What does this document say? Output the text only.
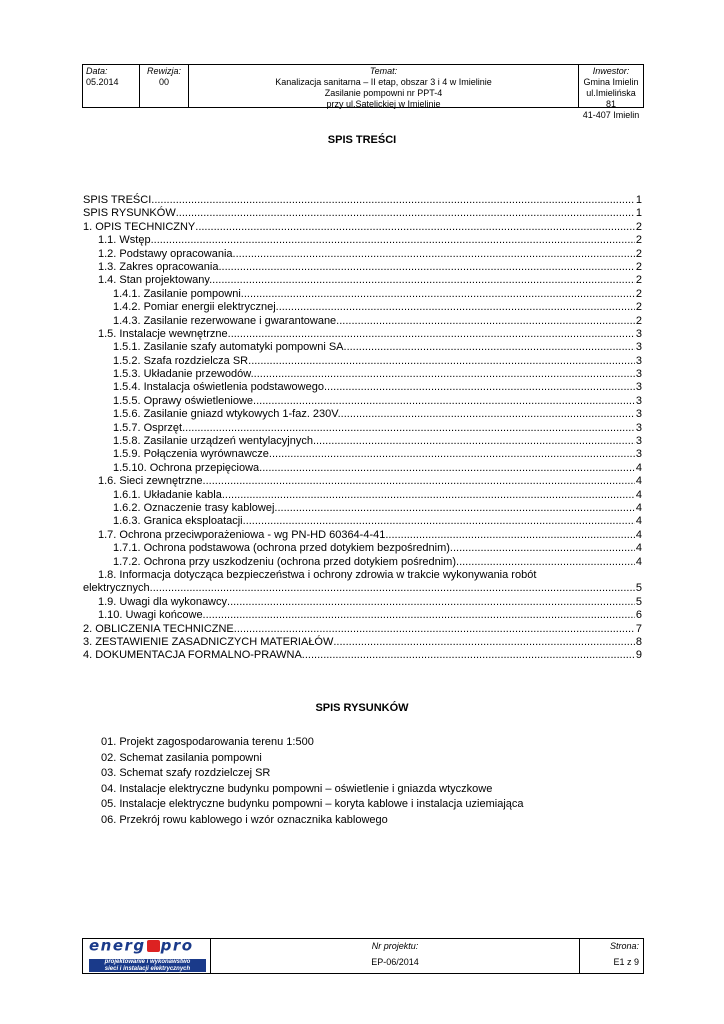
Data:
05.2014
Rewizja:
00
Temat:
Kanalizacja sanitarna – II etap, obszar 3 i 4 w Imielinie
Zasilanie pompowni nr PPT-4
przy ul.Satelickiej w Imielinie
Inwestor:
Gmina Imielin
ul.Imielińska 81
41-407 Imielin
SPIS TREŚCI
SPIS TREŚCI .....	1
SPIS RYSUNKÓW .....	1
1. OPIS TECHNICZNY .....	2
1.1. Wstęp. .....	2
1.2. Podstawy opracowania. .....	2
1.3. Zakres opracowania. .....	2
1.4. Stan projektowany. .....	2
1.4.1. Zasilanie pompowni. .....	2
1.4.2. Pomiar energii elektrycznej. .....	2
1.4.3. Zasilanie rezerwowane i gwarantowane. .....	2
1.5. Instalacje wewnętrzne .....	3
1.5.1. Zasilanie szafy automatyki pompowni SA. .....	3
1.5.2. Szafa rozdzielcza SR. .....	3
1.5.3. Układanie przewodów. .....	3
1.5.4. Instalacja oświetlenia podstawowego. .....	3
1.5.5. Oprawy oświetleniowe. .....	3
1.5.6. Zasilanie gniazd wtykowych 1-faz. 230V. .....	3
1.5.7. Osprzęt. .....	3
1.5.8. Zasilanie urządzeń wentylacyjnych. .....	3
1.5.9. Połączenia wyrównawcze. .....	3
1.5.10. Ochrona przepięciowa. .....	4
1.6. Sieci zewnętrzne. .....	4
1.6.1. Układanie kabla. .....	4
1.6.2. Oznaczenie trasy kablowej. .....	4
1.6.3. Granica eksploatacji. .....	4
1.7. Ochrona przeciwporażeniowa - wg PN-HD 60364-4-41 .....	4
1.7.1. Ochrona podstawowa (ochrona przed dotykiem bezpośrednim) .....	4
1.7.2. Ochrona przy uszkodzeniu (ochrona przed dotykiem pośrednim). .....	4
1.8. Informacja dotycząca bezpieczeństwa i ochrony zdrowia w trakcie wykonywania robót
elektrycznych. .....	5
1.9. Uwagi dla wykonawcy .....	5
1.10. Uwagi końcowe. .....	6
2. OBLICZENIA TECHNICZNE .....	7
3. ZESTAWIENIE ZASADNICZYCH MATERIAŁÓW .....	8
4. DOKUMENTACJA FORMALNO-PRAWNA .....	9
SPIS RYSUNKÓW
01. Projekt zagospodarowania terenu 1:500
02. Schemat zasilania pompowni
03. Schemat szafy rozdzielczej SR
04. Instalacje elektryczne budynku pompowni – oświetlenie i gniazda wtyczkowe
05. Instalacje elektryczne budynku pompowni – koryta kablowe i instalacja uziemiająca
06. Przekrój rowu kablowego i wzór oznacznika kablowego
energ pro
projektowanie i wykonawstwo
sieci i instalacji elektrycznych
Nr projektu:
EP-06/2014
Strona:
E1 z 9
